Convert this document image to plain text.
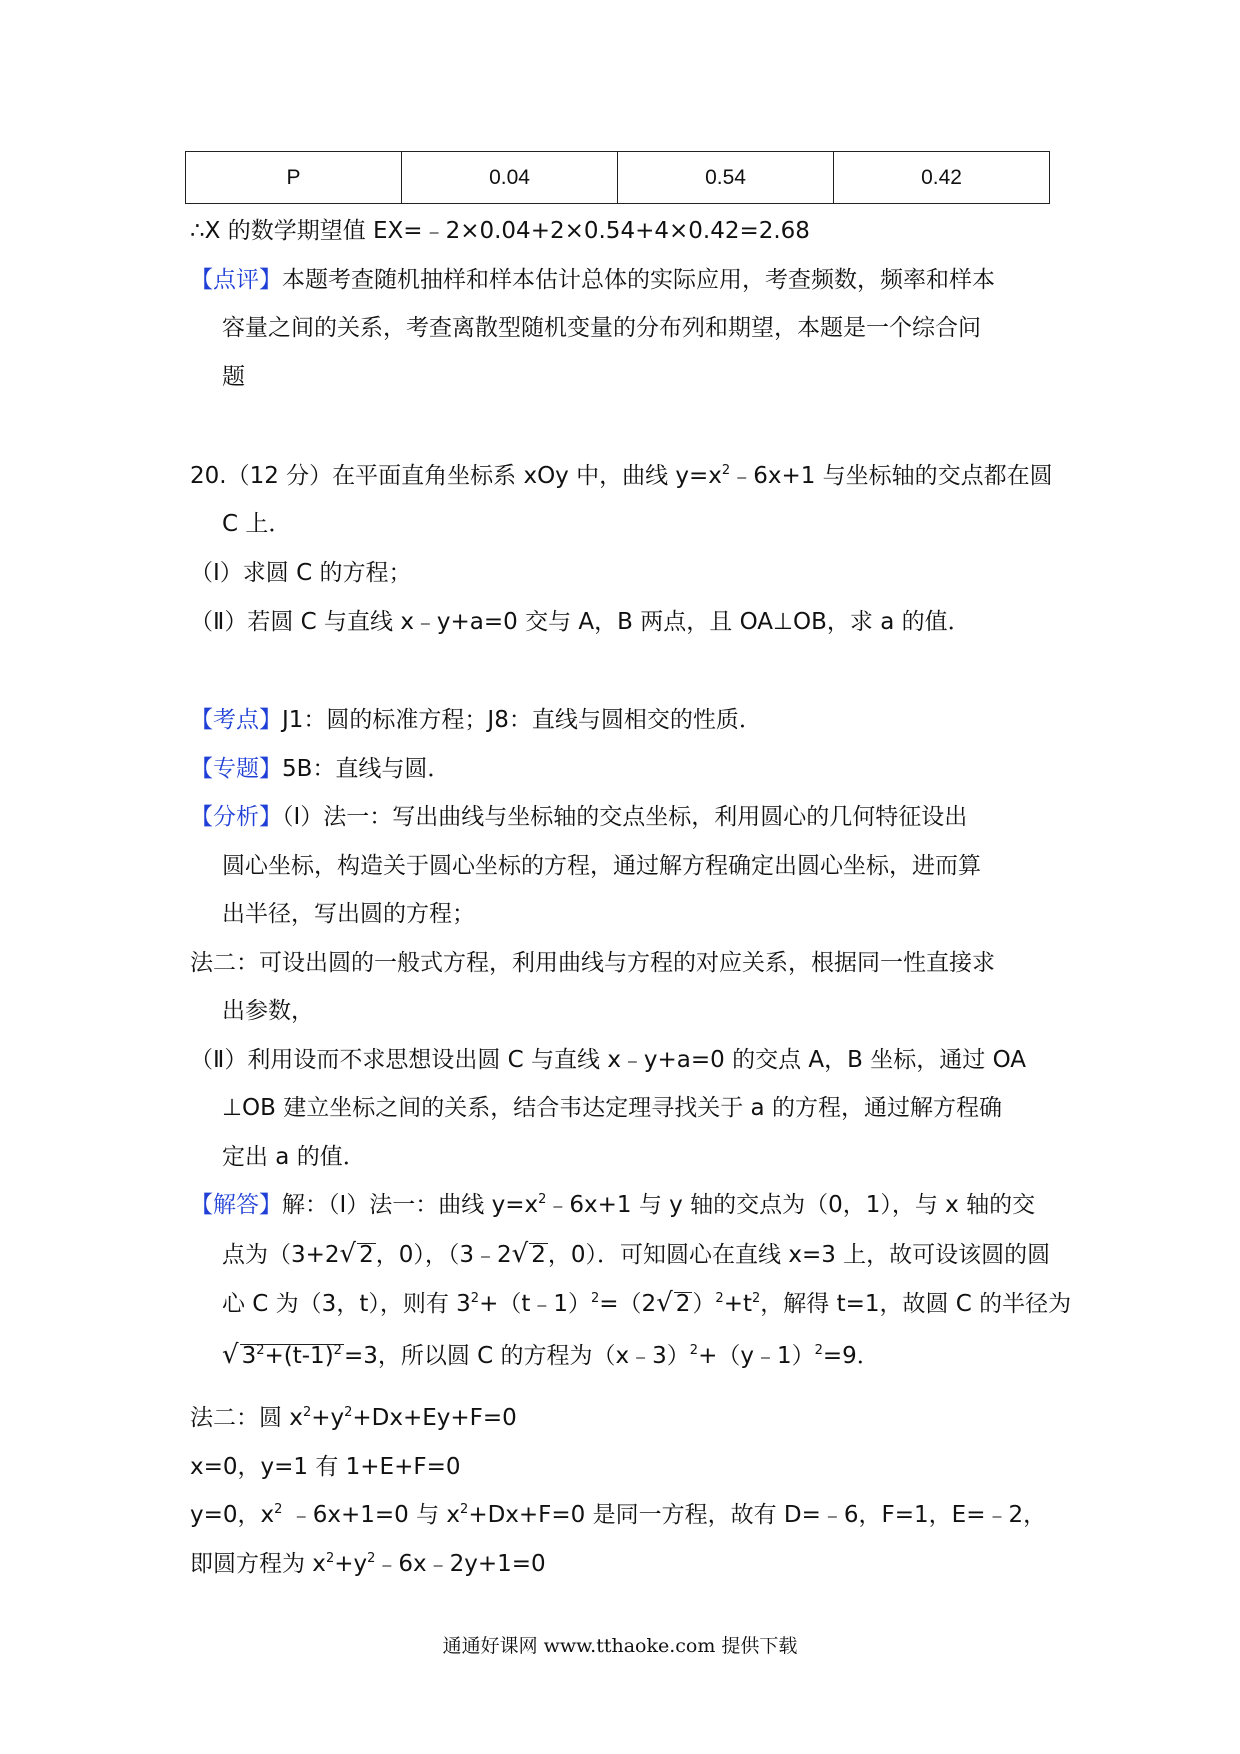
P	0.04	0.54	0.42
∴X 的数学期望值 EX=﹣2×0.04+2×0.54+4×0.42=2.68
【点评】本题考查随机抽样和样本估计总体的实际应用，考查频数，频率和样本
容量之间的关系，考查离散型随机变量的分布列和期望，本题是一个综合问
题
20.（12 分）在平面直角坐标系 xOy 中，曲线 $y=x^2﹣6x+1$ 与坐标轴的交点都在圆
C 上．
（Ⅰ）求圆 C 的方程；
（Ⅱ）若圆 C 与直线 x﹣y+a=0 交与 A，B 两点，且 OA⊥OB，求 a 的值．
【考点】J1：圆的标准方程；J8：直线与圆相交的性质．
【专题】5B：直线与圆．
【分析】（Ⅰ）法一：写出曲线与坐标轴的交点坐标，利用圆心的几何特征设出
圆心坐标，构造关于圆心坐标的方程，通过解方程确定出圆心坐标，进而算
出半径，写出圆的方程；
法二：可设出圆的一般式方程，利用曲线与方程的对应关系，根据同一性直接求
出参数，
（Ⅱ）利用设而不求思想设出圆 C 与直线 x﹣y+a=0 的交点 A，B 坐标，通过 OA
⊥OB 建立坐标之间的关系，结合韦达定理寻找关于 a 的方程，通过解方程确
定出 a 的值．
【解答】解：（Ⅰ）法一：曲线 $y=x^2﹣6x+1$ 与 y 轴的交点为（0，1），与 x 轴的交
点为（3+2√ 2，0），（3﹣2√ 2，0）．可知圆心在直线 x=3 上，故可设该圆的圆
心 C 为（3，t），则有 $3^2+(t﹣1)^2=(2√$ $2)^2+t^2$，解得 t=1，故圆 C 的半径为
√ $3^2+(t-1)^2=3$，所以圆 C 的方程为（x﹣3）$^2$+（y﹣1）$^2$=9．
法二：圆 $x^2+y^2+Dx+Ey+F=0$
x=0，y=1 有 1+E+F=0
y=0，$x^2$ ﹣6x+1=0 与 $x^2+Dx+F=0$ 是同一方程，故有 D=﹣6，F=1，E=﹣2，
即圆方程为 $x^2+y^2﹣6x﹣2y+1=0$
通通好课网 www.tthaoke.com 提供下载
